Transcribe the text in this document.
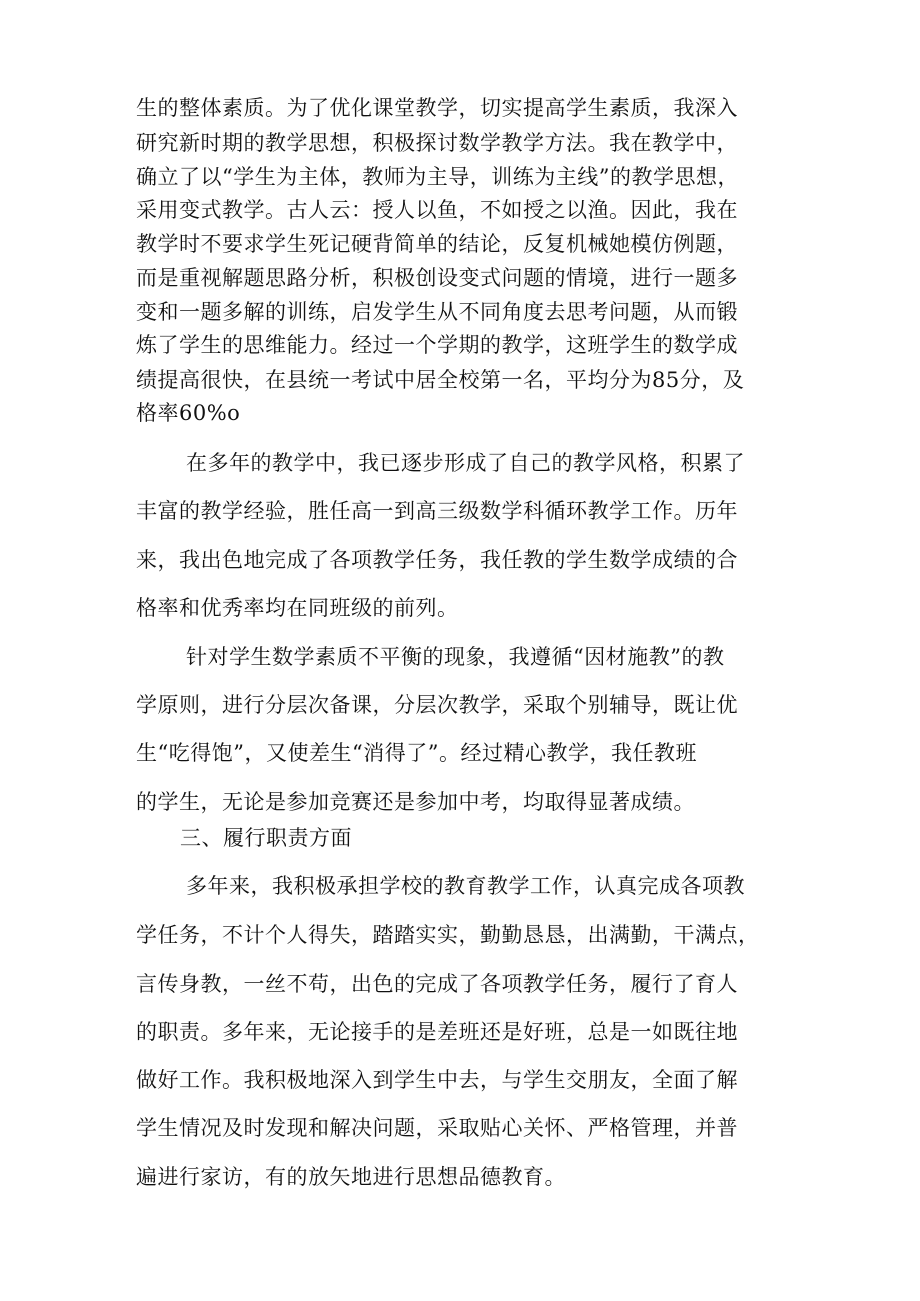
生的整体素质。为了优化课堂教学，切实提高学生素质，我深入
研究新时期的教学思想，积极探讨数学教学方法。我在教学中，
确立了以“学生为主体，教师为主导，训练为主线”的教学思想，
采用变式教学。古人云：授人以鱼，不如授之以渔。因此，我在
教学时不要求学生死记硬背简单的结论，反复机械她模仿例题，
而是重视解题思路分析，积极创设变式问题的情境，进行一题多
变和一题多解的训练，启发学生从不同角度去思考问题，从而锻
炼了学生的思维能力。经过一个学期的教学，这班学生的数学成
绩提高很快，在县统一考试中居全校第一名，平均分为85分，及
格率60%o
在多年的教学中，我已逐步形成了自己的教学风格，积累了
丰富的教学经验，胜任高一到高三级数学科循环教学工作。历年
来，我出色地完成了各项教学任务，我任教的学生数学成绩的合
格率和优秀率均在同班级的前列。
针对学生数学素质不平衡的现象，我遵循“因材施教”的教
学原则，进行分层次备课，分层次教学，采取个别辅导，既让优
生“吃得饱”，又使差生“消得了”。经过精心教学，我任教班
的学生，无论是参加竞赛还是参加中考，均取得显著成绩。
三、履行职责方面
多年来，我积极承担学校的教育教学工作，认真完成各项教
学任务，不计个人得失，踏踏实实，勤勤恳恳，出满勤，干满点，
言传身教，一丝不苟，出色的完成了各项教学任务，履行了育人
的职责。多年来，无论接手的是差班还是好班，总是一如既往地
做好工作。我积极地深入到学生中去，与学生交朋友，全面了解
学生情况及时发现和解决问题，采取贴心关怀、严格管理，并普
遍进行家访，有的放矢地进行思想品德教育。
